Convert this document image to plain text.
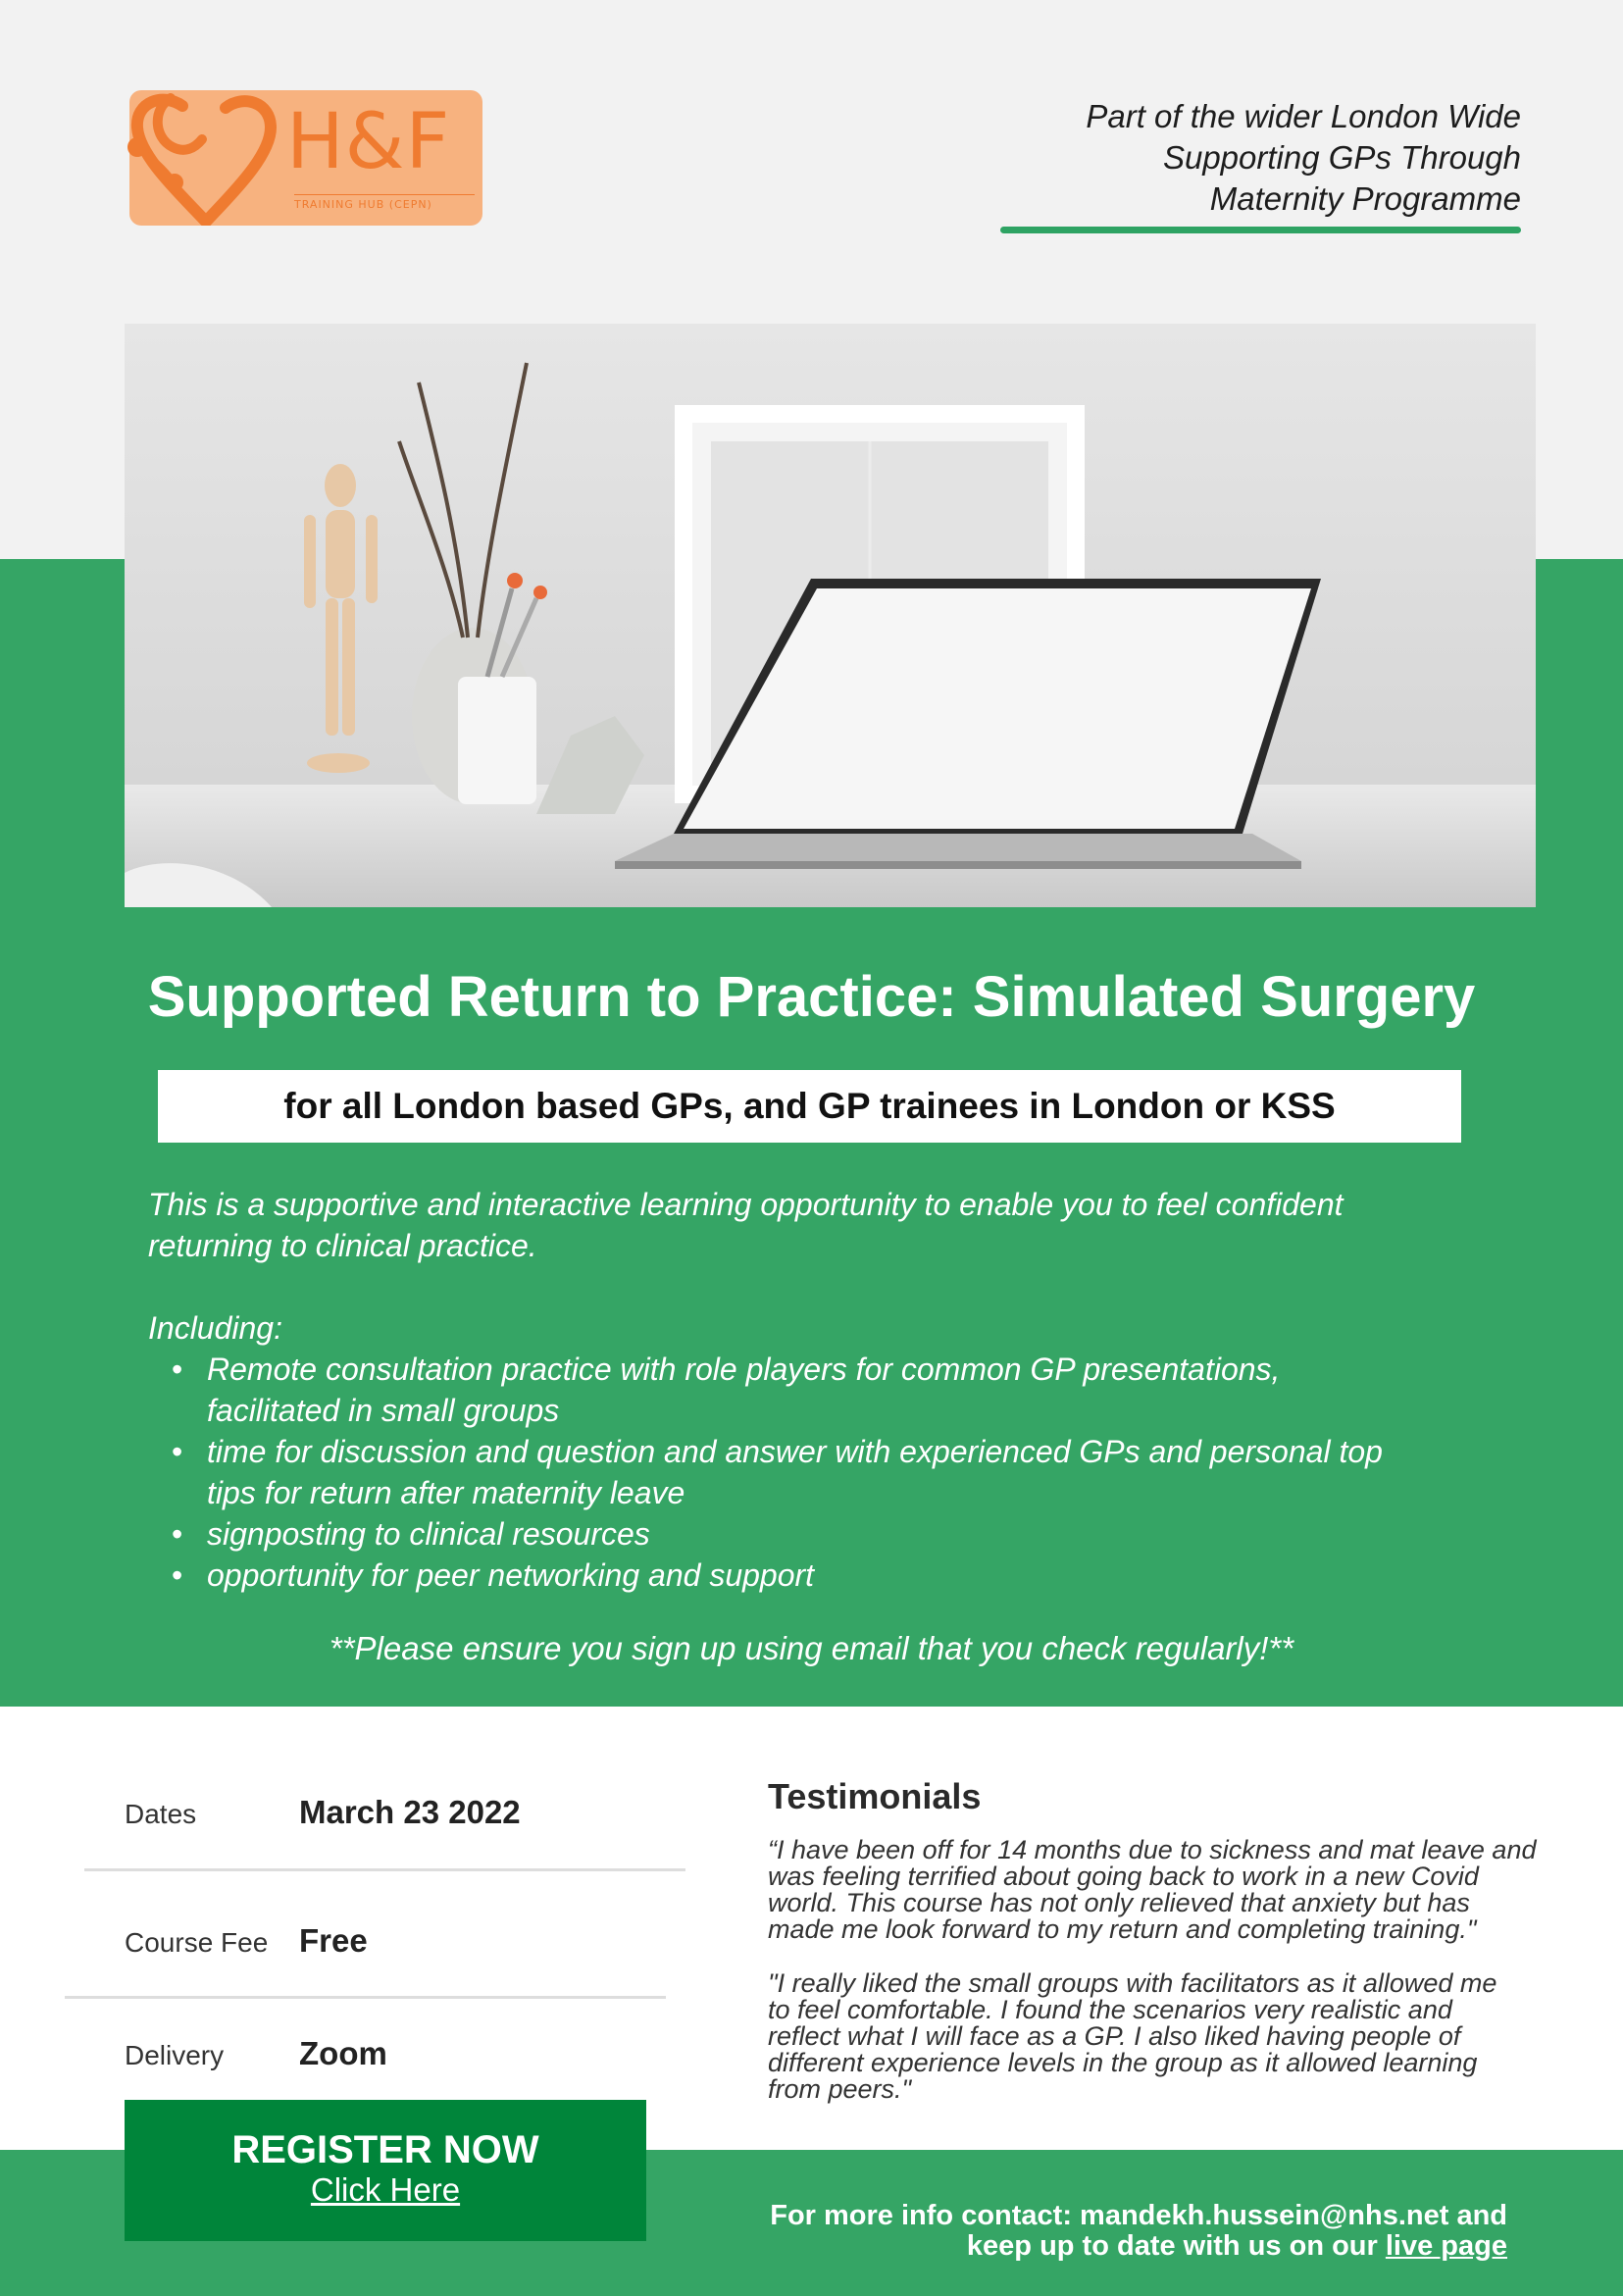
H&F
TRAINING HUB (CEPN)
Part of the wider London Wide
Supporting GPs Through
Maternity Programme
Supported Return to Practice: Simulated Surgery
for all London based GPs, and GP trainees in London or KSS

This is a supportive and interactive learning opportunity to enable you to feel confident

returning to clinical practice.

Including:

• Remote consultation practice with role players for common GP presentations,
facilitated in small groups
• time for discussion and question and answer with experienced GPs and personal top
tips for return after maternity leave
• signposting to clinical resources
• opportunity for peer networking and support
**Please ensure you sign up using email that you check regularly!**
Dates	March 23 2022
Course Fee Free
Delivery	Zoom
REGISTER NOW
Click Here
Testimonials
“I have been off for 14 months due to sickness and mat leave and
was feeling terrified about going back to work in a new Covid
world. This course has not only relieved that anxiety but has
made me look forward to my return and completing training."
"I really liked the small groups with facilitators as it allowed me
to feel comfortable. I found the scenarios very realistic and
reflect what I will face as a GP. I also liked having people of
different experience levels in the group as it allowed learning
from peers."
For more info contact: mandekh.hussein@nhs.net and
keep up to date with us on our live page
